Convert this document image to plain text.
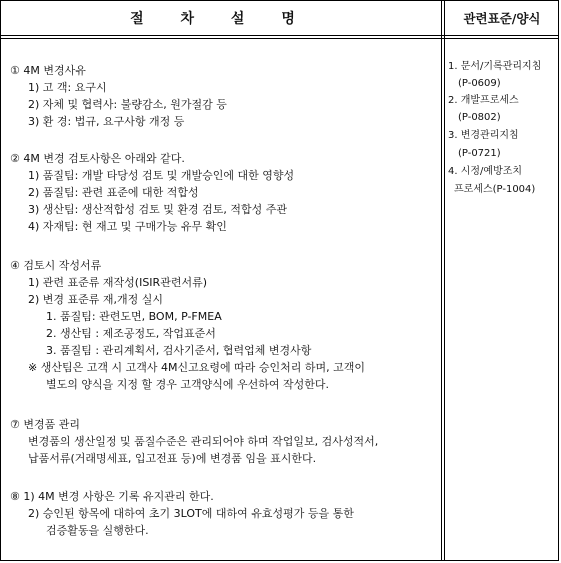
절 차 설 명	관련표준/양식
① 4M 변경사유
1) 고 객: 요구시
2) 자체 및 협력사: 불량감소, 원가절감 등
3) 환 경: 법규, 요구사항 개정 등
② 4M 변경 검토사항은 아래와 같다.
1) 품질팀: 개발 타당성 검토 및 개발승인에 대한 영향성
2) 품질팀: 관련 표준에 대한 적합성
3) 생산팀: 생산적합성 검토 및 환경 검토, 적합성 주관
4) 자재팀: 현 재고 및 구매가능 유무 확인
④ 검토시 작성서류
1) 관련 표준류 재작성(ISIR관련서류)
2) 변경 표준류 재,개정 실시
1. 품질팀: 관련도면, BOM, P-FMEA
2. 생산팀 : 제조공정도, 작업표준서
3. 품질팀 : 관리계획서, 검사기준서, 협력업체 변경사항
※ 생산팀은 고객 시 고객사 4M신고요령에 따라 승인처리 하며, 고객이
별도의 양식을 지정 할 경우 고객양식에 우선하여 작성한다.
⑦ 변경품 관리
변경품의 생산일정 및 품질수준은 관리되어야 하며 작업일보, 검사성적서,
납품서류(거래명세표, 입고전표 등)에 변경품 임을 표시한다.
⑧ 1) 4M 변경 사항은 기록 유지관리 한다.
2) 승인된 항목에 대하여 초기 3LOT에 대하여 유효성평가 등을 통한
검증활동을 실행한다.
1. 문서/기록관리지침
(P-0609)
2. 개발프로세스
(P-0802)
3. 변경관리지침
(P-0721)
4. 시정/예방조치
프로세스(P-1004)
